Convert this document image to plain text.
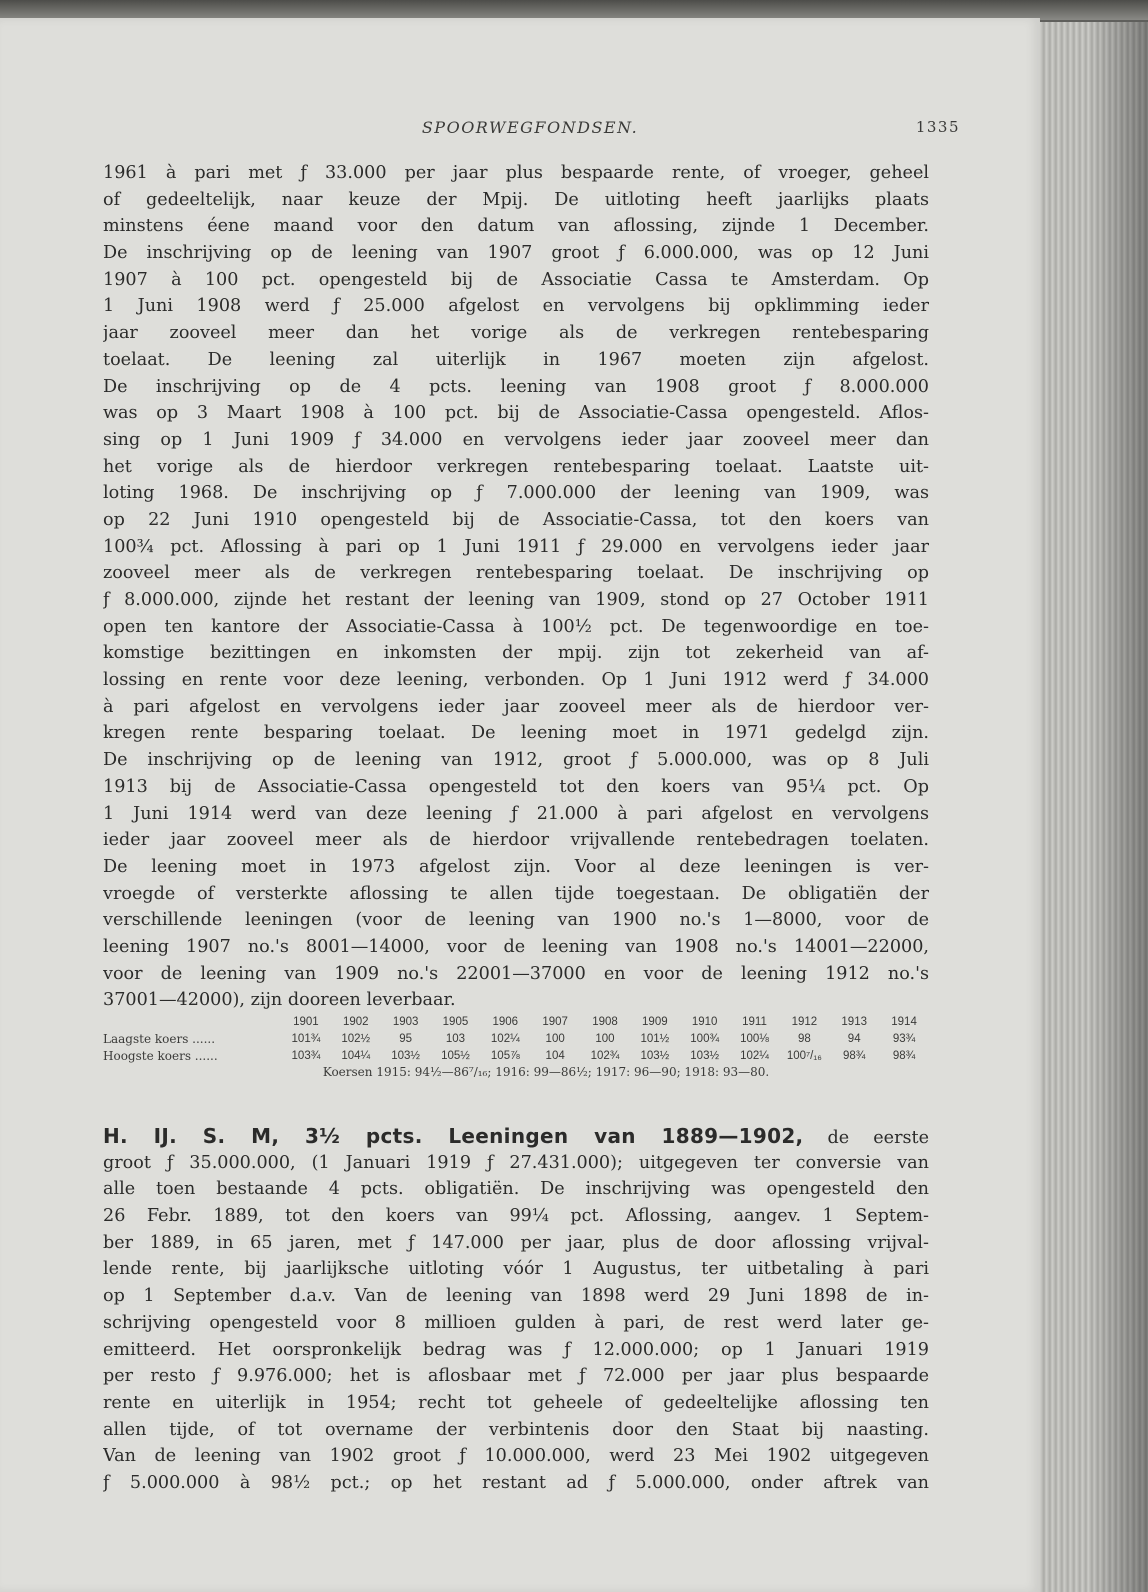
SPOORWEGFONDSEN.	1335
1961 à pari met ƒ 33.000 per jaar plus bespaarde rente, of vroeger, geheel
of gedeeltelijk, naar keuze der Mpij. De uitloting heeft jaarlijks plaats
minstens éene maand voor den datum van aflossing, zijnde 1 December.
De inschrijving op de leening van 1907 groot ƒ 6.000.000, was op 12 Juni
1907 à 100 pct. opengesteld bij de Associatie Cassa te Amsterdam. Op
1 Juni 1908 werd ƒ 25.000 afgelost en vervolgens bij opklimming ieder
jaar zooveel meer dan het vorige als de verkregen rentebesparing
toelaat. De leening zal uiterlijk in 1967 moeten zijn afgelost.
De inschrijving op de 4 pcts. leening van 1908 groot ƒ 8.000.000
was op 3 Maart 1908 à 100 pct. bij de Associatie-Cassa opengesteld. Aflos-
sing op 1 Juni 1909 ƒ 34.000 en vervolgens ieder jaar zooveel meer dan
het vorige als de hierdoor verkregen rentebesparing toelaat. Laatste uit-
loting 1968. De inschrijving op ƒ 7.000.000 der leening van 1909, was
op 22 Juni 1910 opengesteld bij de Associatie-Cassa, tot den koers van
100¾ pct. Aflossing à pari op 1 Juni 1911 ƒ 29.000 en vervolgens ieder jaar
zooveel meer als de verkregen rentebesparing toelaat. De inschrijving op
ƒ 8.000.000, zijnde het restant der leening van 1909, stond op 27 October 1911
open ten kantore der Associatie-Cassa à 100½ pct. De tegenwoordige en toe-
komstige bezittingen en inkomsten der mpij. zijn tot zekerheid van af-
lossing en rente voor deze leening, verbonden. Op 1 Juni 1912 werd ƒ 34.000
à pari afgelost en vervolgens ieder jaar zooveel meer als de hierdoor ver-
kregen rente besparing toelaat. De leening moet in 1971 gedelgd zijn.
De inschrijving op de leening van 1912, groot ƒ 5.000.000, was op 8 Juli
1913 bij de Associatie-Cassa opengesteld tot den koers van 95¼ pct. Op
1 Juni 1914 werd van deze leening ƒ 21.000 à pari afgelost en vervolgens
ieder jaar zooveel meer als de hierdoor vrijvallende rentebedragen toelaten.
De leening moet in 1973 afgelost zijn. Voor al deze leeningen is ver-
vroegde of versterkte aflossing te allen tijde toegestaan. De obligatiën der
verschillende leeningen (voor de leening van 1900 no.'s 1—8000, voor de
leening 1907 no.'s 8001—14000, voor de leening van 1908 no.'s 14001—22000,
voor de leening van 1909 no.'s 22001—37000 en voor de leening 1912 no.'s
37001—42000), zijn dooreen leverbaar.
	1901	1902	1903	1905	1906	1907	1908	1909	1910	1911	1912	1913	1914
Laagste koers ......	101¾	102½	95	103	102¼	100	100	101½	100¾	100⅛	98	94	93¾
Hoogste koers ......	103¾	104¼	103½	105½	105⅞	104	102¾	103½	103½	102¼	100⁷/₁₆	98¾	98¾
Koersen 1915: 94½—86⁷/₁₆; 1916: 99—86½; 1917: 96—90; 1918: 93—80.
H. IJ. S. M, 3½ pcts. Leeningen van 1889—1902, de eerste
groot ƒ 35.000.000, (1 Januari 1919 ƒ 27.431.000); uitgegeven ter conversie van
alle toen bestaande 4 pcts. obligatiën. De inschrijving was opengesteld den
26 Febr. 1889, tot den koers van 99¼ pct. Aflossing, aangev. 1 Septem-
ber 1889, in 65 jaren, met ƒ 147.000 per jaar, plus de door aflossing vrijval-
lende rente, bij jaarlijksche uitloting vóór 1 Augustus, ter uitbetaling à pari
op 1 September d.a.v. Van de leening van 1898 werd 29 Juni 1898 de in-
schrijving opengesteld voor 8 millioen gulden à pari, de rest werd later ge-
emitteerd. Het oorspronkelijk bedrag was ƒ 12.000.000; op 1 Januari 1919
per resto ƒ 9.976.000; het is aflosbaar met ƒ 72.000 per jaar plus bespaarde
rente en uiterlijk in 1954; recht tot geheele of gedeeltelijke aflossing ten
allen tijde, of tot overname der verbintenis door den Staat bij naasting.
Van de leening van 1902 groot ƒ 10.000.000, werd 23 Mei 1902 uitgegeven
ƒ 5.000.000 à 98½ pct.; op het restant ad ƒ 5.000.000, onder aftrek van
